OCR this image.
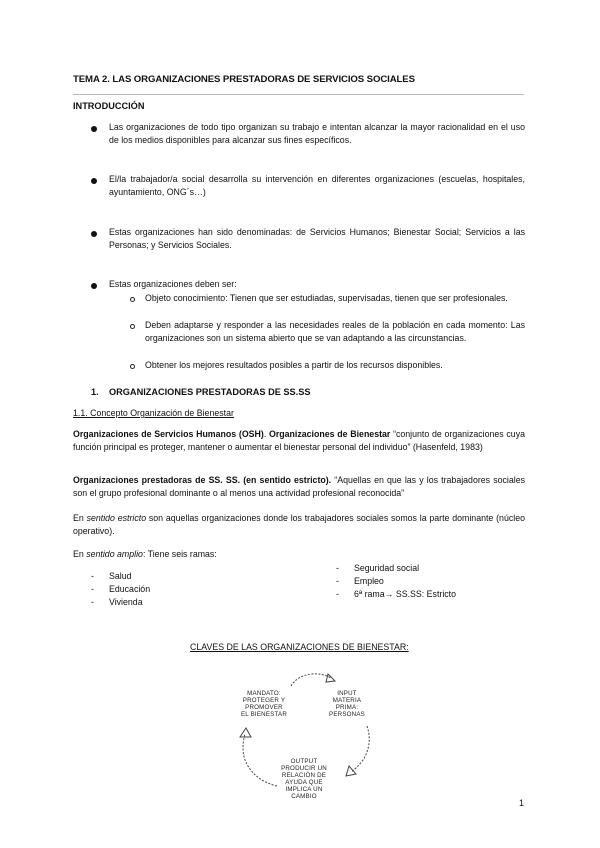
TEMA 2. LAS ORGANIZACIONES PRESTADORAS DE SERVICIOS SOCIALES
INTRODUCCIÓN
Las organizaciones de todo tipo organizan su trabajo e intentan alcanzar la mayor racionalidad en el uso de los medios disponibles para alcanzar sus fines específicos.
El/la trabajador/a social desarrolla su intervención en diferentes organizaciones (escuelas, hospitales, ayuntamiento, ONG´s…)
Estas organizaciones han sido denominadas: de Servicios Humanos; Bienestar Social; Servicios a las Personas; y Servicios Sociales.
Estas organizaciones deben ser:
Objeto conocimiento: Tienen que ser estudiadas, supervisadas, tienen que ser profesionales.
Deben adaptarse y responder a las necesidades reales de la población en cada momento: Las organizaciones son un sistema abierto que se van adaptando a las circunstancias.
Obtener los mejores resultados posibles a partir de los recursos disponibles.
1. ORGANIZACIONES PRESTADORAS DE SS.SS
1.1. Concepto Organización de Bienestar
Organizaciones de Servicios Humanos (OSH). Organizaciones de Bienestar “conjunto de organizaciones cuya función principal es proteger, mantener o aumentar el bienestar personal del individuo” (Hasenfeld, 1983)
Organizaciones prestadoras de SS. SS. (en sentido estricto). “Aquellas en que las y los trabajadores sociales son el grupo profesional dominante o al menos una actividad profesional reconocida”
En sentido estricto son aquellas organizaciones donde los trabajadores sociales somos la parte dominante (núcleo operativo).
En sentido amplio: Tiene seis ramas:
- Salud
- Educación
- Vivienda
- Seguridad social
- Empleo
- 6ª rama→ SS.SS: Estricto
CLAVES DE LAS ORGANIZACIONES DE BIENESTAR:
MANDATO:
PROTEGER Y
PROMOVER
EL BIENESTAR
INPUT
MATERIA
PRIMA:
PERSONAS
OUTPUT
PRODUCIR UN
RELACIÓN DE
AYUDA QUE
IMPLICA UN
CAMBIO
1
